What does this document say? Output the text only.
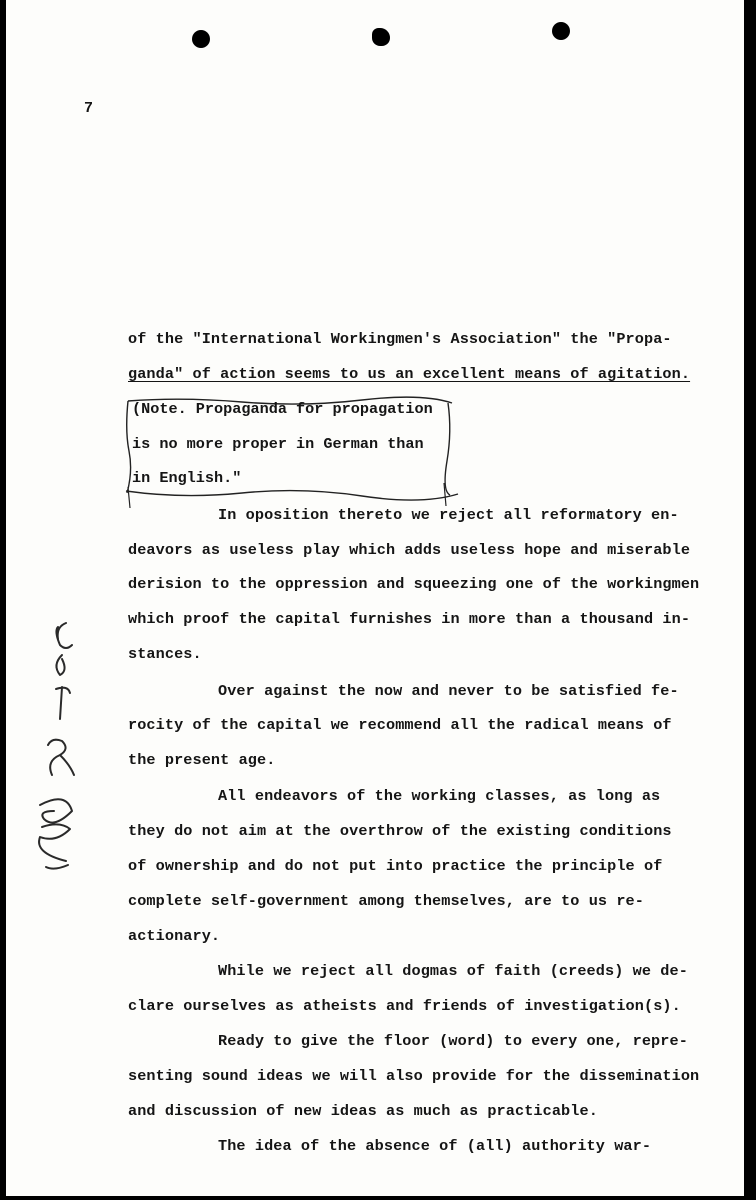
7
of the "International Workingmen's Association" the "Propa-
ganda" of action seems to us an excellent means of agitation.
(Note. Propaganda for propagation
is no more proper in German than
in English."
In oposition thereto we reject all reformatory en-
deavors as useless play which adds useless hope and miserable
derision to the oppression and squeezing one of the workingmen
which proof the capital furnishes in more than a thousand in-
stances.
Over against the now and never to be satisfied fe-
rocity of the capital we recommend all the radical means of
the present age.
All endeavors of the working classes, as long as
they do not aim at the overthrow of the existing conditions
of ownership and do not put into practice the principle of
complete self-government among themselves, are to us re-
actionary.
While we reject all dogmas of faith (creeds) we de-
clare ourselves as atheists and friends of investigation(s).
Ready to give the floor (word) to every one, repre-
senting sound ideas we will also provide for the dissemination
and discussion of new ideas as much as practicable.
The idea of the absence of (all) authority war-
